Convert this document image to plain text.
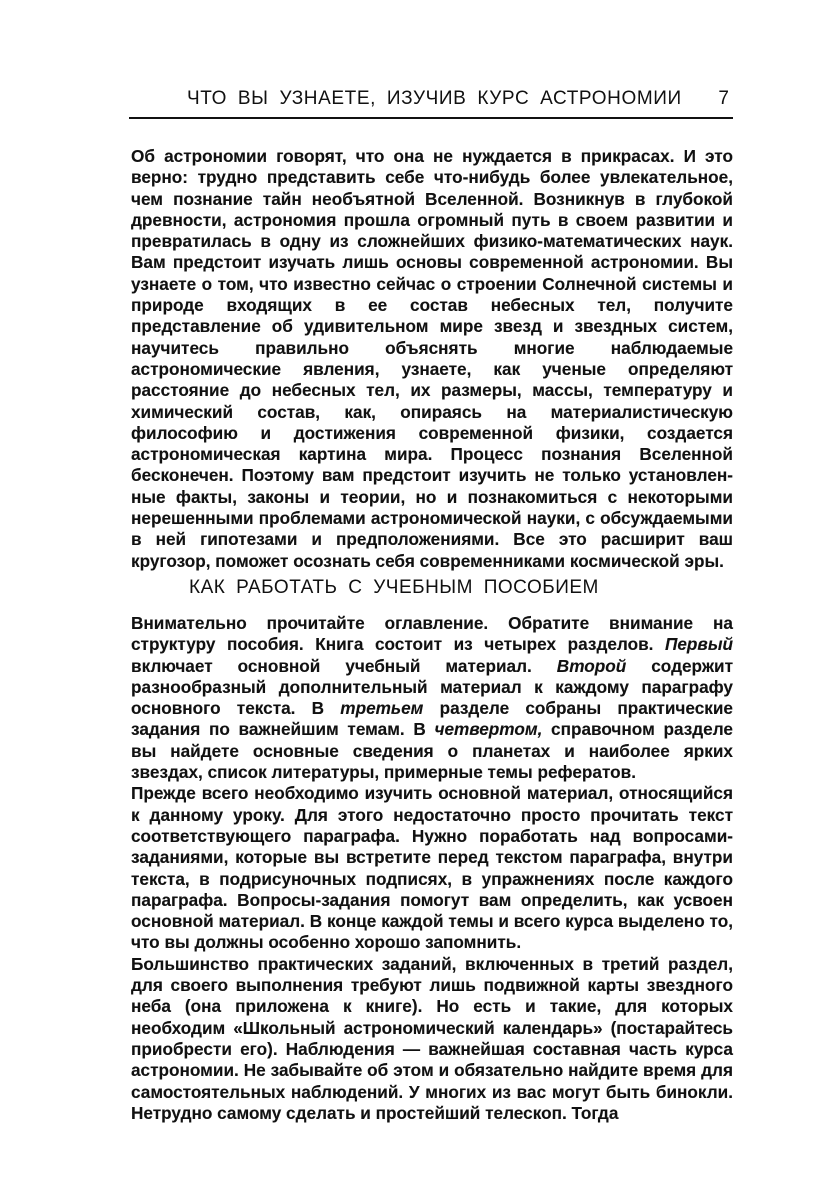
ЧТО ВЫ УЗНАЕТЕ, ИЗУЧИВ КУРС АСТРОНОМИИ 7

Об астрономии говорят, что она не нуждается в прикрасах. И это верно: трудно представить себе что-нибудь более увлекательное, чем познание тайн необъятной Вселенной. Возникнув в глубокой древности, астрономия прошла огромный путь в своем развитии и превратилась в одну из сложнейших физико-математических наук. Вам предстоит изучать лишь основы современной астрономии. Вы узнаете о том, что известно сейчас о строении Солнечной системы и природе входящих в ее состав небесных тел, получите представление об удивительном мире звезд и звездных систем, научитесь правильно объяснять многие наблюдаемые астрономические явления, узнаете, как ученые определяют расстояние до небесных тел, их размеры, массы, температуру и химический состав, как, опираясь на материалистическую философию и достижения современной физики, создается астрономическая картина мира. Процесс познания Вселенной бесконечен. Поэтому вам предстоит изучить не только установленные факты, законы и теории, но и познакомиться с некоторыми нерешенными проблемами астрономической науки, с обсуждаемыми в ней гипотезами и предположениями. Все это расширит ваш кругозор, поможет осознать себя современниками космической эры.

КАК РАБОТАТЬ С УЧЕБНЫМ ПОСОБИЕМ

Внимательно прочитайте оглавление. Обратите внимание на структуру пособия. Книга состоит из четырех разделов. Первый включает основной учебный материал. Второй содержит разнообразный дополнительный материал к каждому параграфу основного текста. В третьем разделе собраны практические задания по важнейшим темам. В четвертом, справочном разделе вы найдете основные сведения о планетах и наиболее ярких звездах, список литературы, примерные темы рефератов.

Прежде всего необходимо изучить основной материал, относящийся к данному уроку. Для этого недостаточно просто прочитать текст соответствующего параграфа. Нужно поработать над вопросами-заданиями, которые вы встретите перед текстом параграфа, внутри текста, в подрисуночных подписях, в упражнениях после каждого параграфа. Вопросы-задания помогут вам определить, как усвоен основной материал. В конце каждой темы и всего курса выделено то, что вы должны особенно хорошо запомнить.

Большинство практических заданий, включенных в третий раздел, для своего выполнения требуют лишь подвижной карты звездного неба (она приложена к книге). Но есть и такие, для которых необходим «Школьный астрономический календарь» (постарайтесь приобрести его). Наблюдения — важнейшая составная часть курса астрономии. Не забывайте об этом и обязательно найдите время для самостоятельных наблюдений. У многих из вас могут быть бинокли. Нетрудно самому сделать и простейший телескоп. Тогда
